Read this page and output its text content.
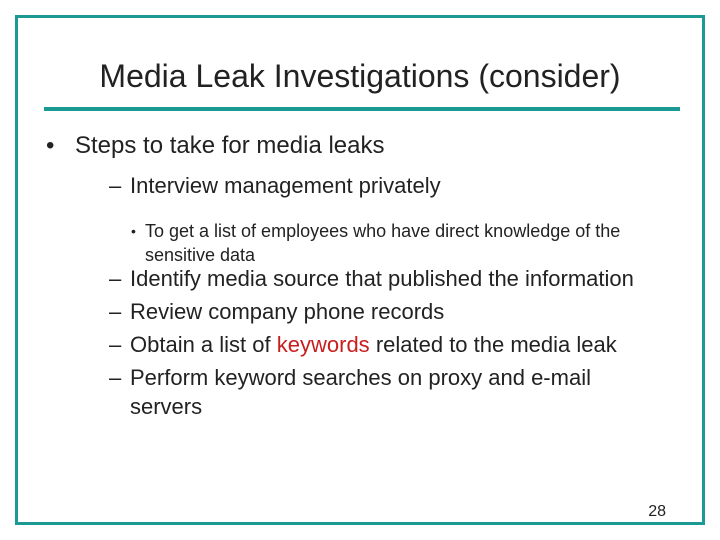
Media Leak Investigations (consider)
• Steps to take for media leaks
– Interview management privately
• To get a list of employees who have direct knowledge of the sensitive data
– Identify media source that published the information
– Review company phone records
– Obtain a list of keywords related to the media leak
– Perform keyword searches on proxy and e-mail servers
28
